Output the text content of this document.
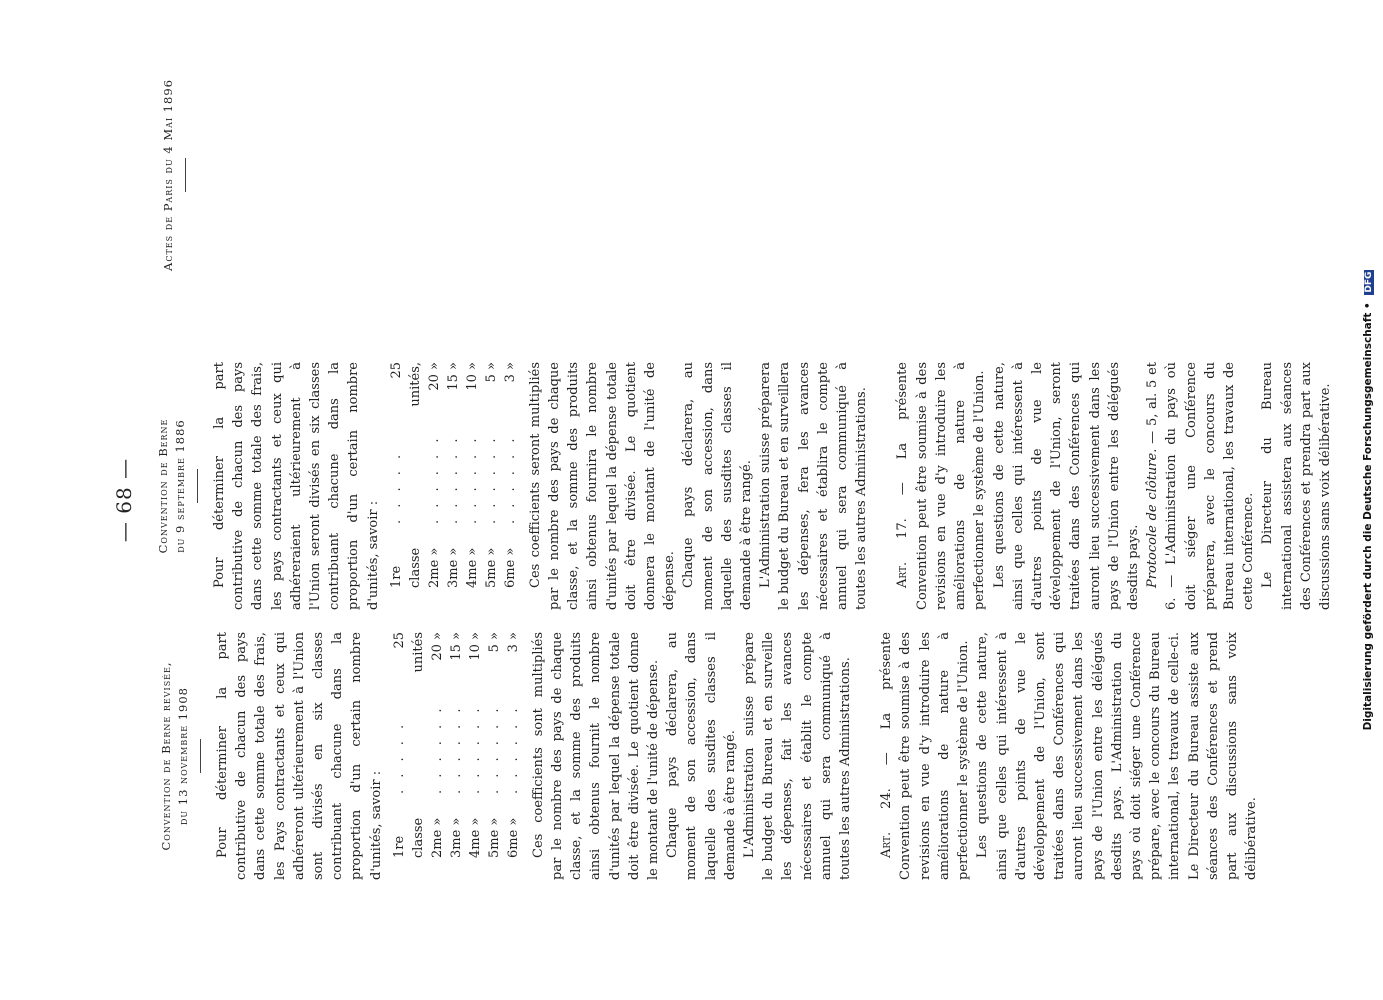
— 68 —
Convention de Berne revisée, du 13 novembre 1908 Pour déterminer la part contributive de chacun des pays dans cette somme totale des frais, les Pays contractants et ceux qui adhéreront ultérieurement à l'Union sont divisés en six classes contribuant chacune dans la proportion d'un certain nombre d'unités, savoir : 1re classe
. . . . .
25 unités
2me »
. . . . . .
20 »
3me »
. . . . . .
15 »
4me »
. . . . . .
10 »
5me »
. . . . . .
5 »
6me »
. . . . . .
3 » Ces coefficients sont multipliés par le nombre des pays de chaque classe, et la somme des produits ainsi obtenus fournit le nombre d'unités par lequel la dépense totale doit être divisée. Le quotient donne le montant de l'unité de dépense. Chaque pays déclarera, au moment de son accession, dans laquelle des susdites classes il demande à être rangé. L'Administration suisse prépare le budget du Bureau et en surveille les dépenses, fait les avances nécessaires et établit le compte annuel qui sera communiqué à toutes les autres Administrations. Art. 24. — La présente Convention peut être soumise à des revisions en vue d'y introduire les améliorations de nature à perfectionner le système de l'Union. Les questions de cette nature, ainsi que celles qui intéressent à d'autres points de vue le développement de l'Union, sont traitées dans des Conférences qui auront lieu successivement dans les pays de l'Union entre les délégués desdits pays. L'Administration du pays où doit siéger une Conférence prépare, avec le concours du Bureau international, les travaux de celle-ci. Le Directeur du Bureau assiste aux séances des Conférences et prend part aux discussions sans voix délibérative.

Convention de Berne du 9 septembre 1886 Pour déterminer la part contributive de chacun des pays dans cette somme totale des frais, les pays contractants et ceux qui adhéreraient ultérieurement à l'Union seront divisés en six classes contribuant chacune dans la proportion d'un certain nombre d'unités, savoir : 1re classe
. . . . .
25 unités,
2me »
. . . . . .
20 »
3me »
. . . . . .
15 »
4me »
. . . . . .
10 »
5me »
. . . . . .
5 »
6me »
. . . . . .
3 » Ces coefficients seront multipliés par le nombre des pays de chaque classe, et la somme des produits ainsi obtenus fournira le nombre d'unités par lequel la dépense totale doit être divisée. Le quotient donnera le montant de l'unité de dépense. Chaque pays déclarera, au moment de son accession, dans laquelle des susdites classes il demande à être rangé. L'Administration suisse préparera le budget du Bureau et en surveillera les dépenses, fera les avances nécessaires et établira le compte annuel qui sera communiqué à toutes les autres Administrations. Art. 17. — La présente Convention peut être soumise à des revisions en vue d'y introduire les améliorations de nature à perfectionner le système de l'Union. Les questions de cette nature, ainsi que celles qui intéressent à d'autres points de vue le développement de l'Union, seront traitées dans des Conférences qui auront lieu successivement dans les pays de l'Union entre les délégués desdits pays. Protocole de clôture. — 5, al. 5 et 6. — L'Administration du pays où doit siéger une Conférence préparera, avec le concours du Bureau international, les travaux de cette Conférence. Le Directeur du Bureau international assistera aux séances des Conférences et prendra part aux discussions sans voix délibérative.

Actes de Paris du 4 Mai 1896
Digitalisierung gefördert durch die Deutsche Forschungsgemeinschaft • DFG
